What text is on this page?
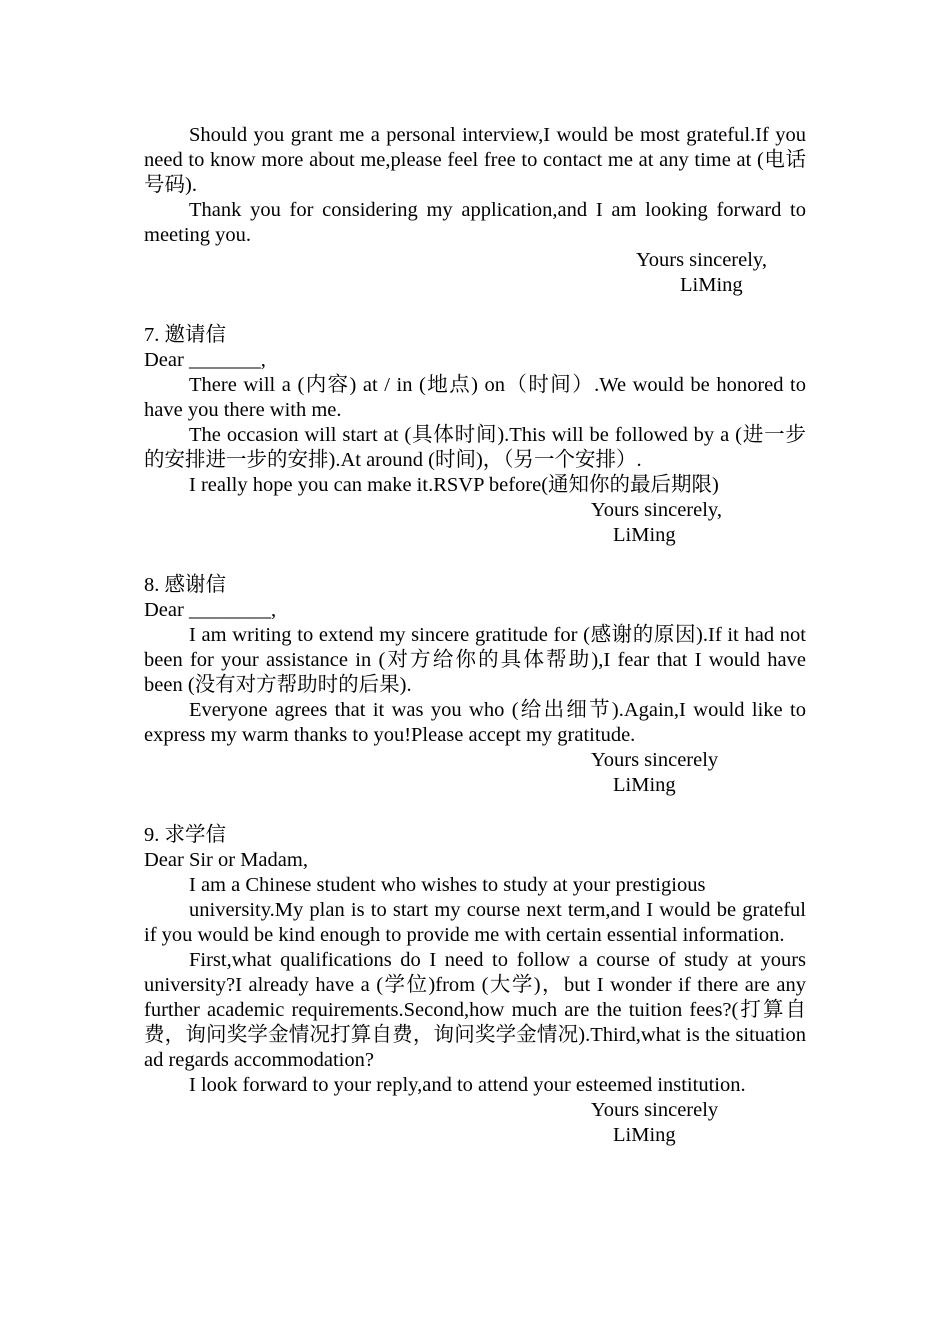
Should you grant me a personal interview,I would be most grateful.If you need to know more about me,please feel free to contact me at any time at (电话号码).

Thank you for considering my application,and I am looking forward to meeting you.

Yours sincerely,

LiMing

7. 邀请信

Dear _______,

There will a (内容) at / in (地点) on（时间）.We would be honored to have you there with me.

The occasion will start at (具体时间).This will be followed by a (进一步的安排进一步的安排).At around (时间)，（另一个安排）.

I really hope you can make it.RSVP before(通知你的最后期限)

Yours sincerely,

LiMing

8. 感谢信

Dear ________,

I am writing to extend my sincere gratitude for (感谢的原因).If it had not been for your assistance in (对方给你的具体帮助),I fear that I would have been (没有对方帮助时的后果).

Everyone agrees that it was you who (给出细节).Again,I would like to express my warm thanks to you!Please accept my gratitude.

Yours sincerely

LiMing

9. 求学信

Dear Sir or Madam,

I am a Chinese student who wishes to study at your prestigious

university.My plan is to start my course next term,and I would be grateful if you would be kind enough to provide me with certain essential information.

First,what qualifications do I need to follow a course of study at yours university?I already have a (学位)from (大学)，but I wonder if there are any further academic requirements.Second,how much are the tuition fees?(打算自费，询问奖学金情况打算自费，询问奖学金情况).Third,what is the situation ad regards accommodation?

I look forward to your reply,and to attend your esteemed institution.

Yours sincerely

LiMing
